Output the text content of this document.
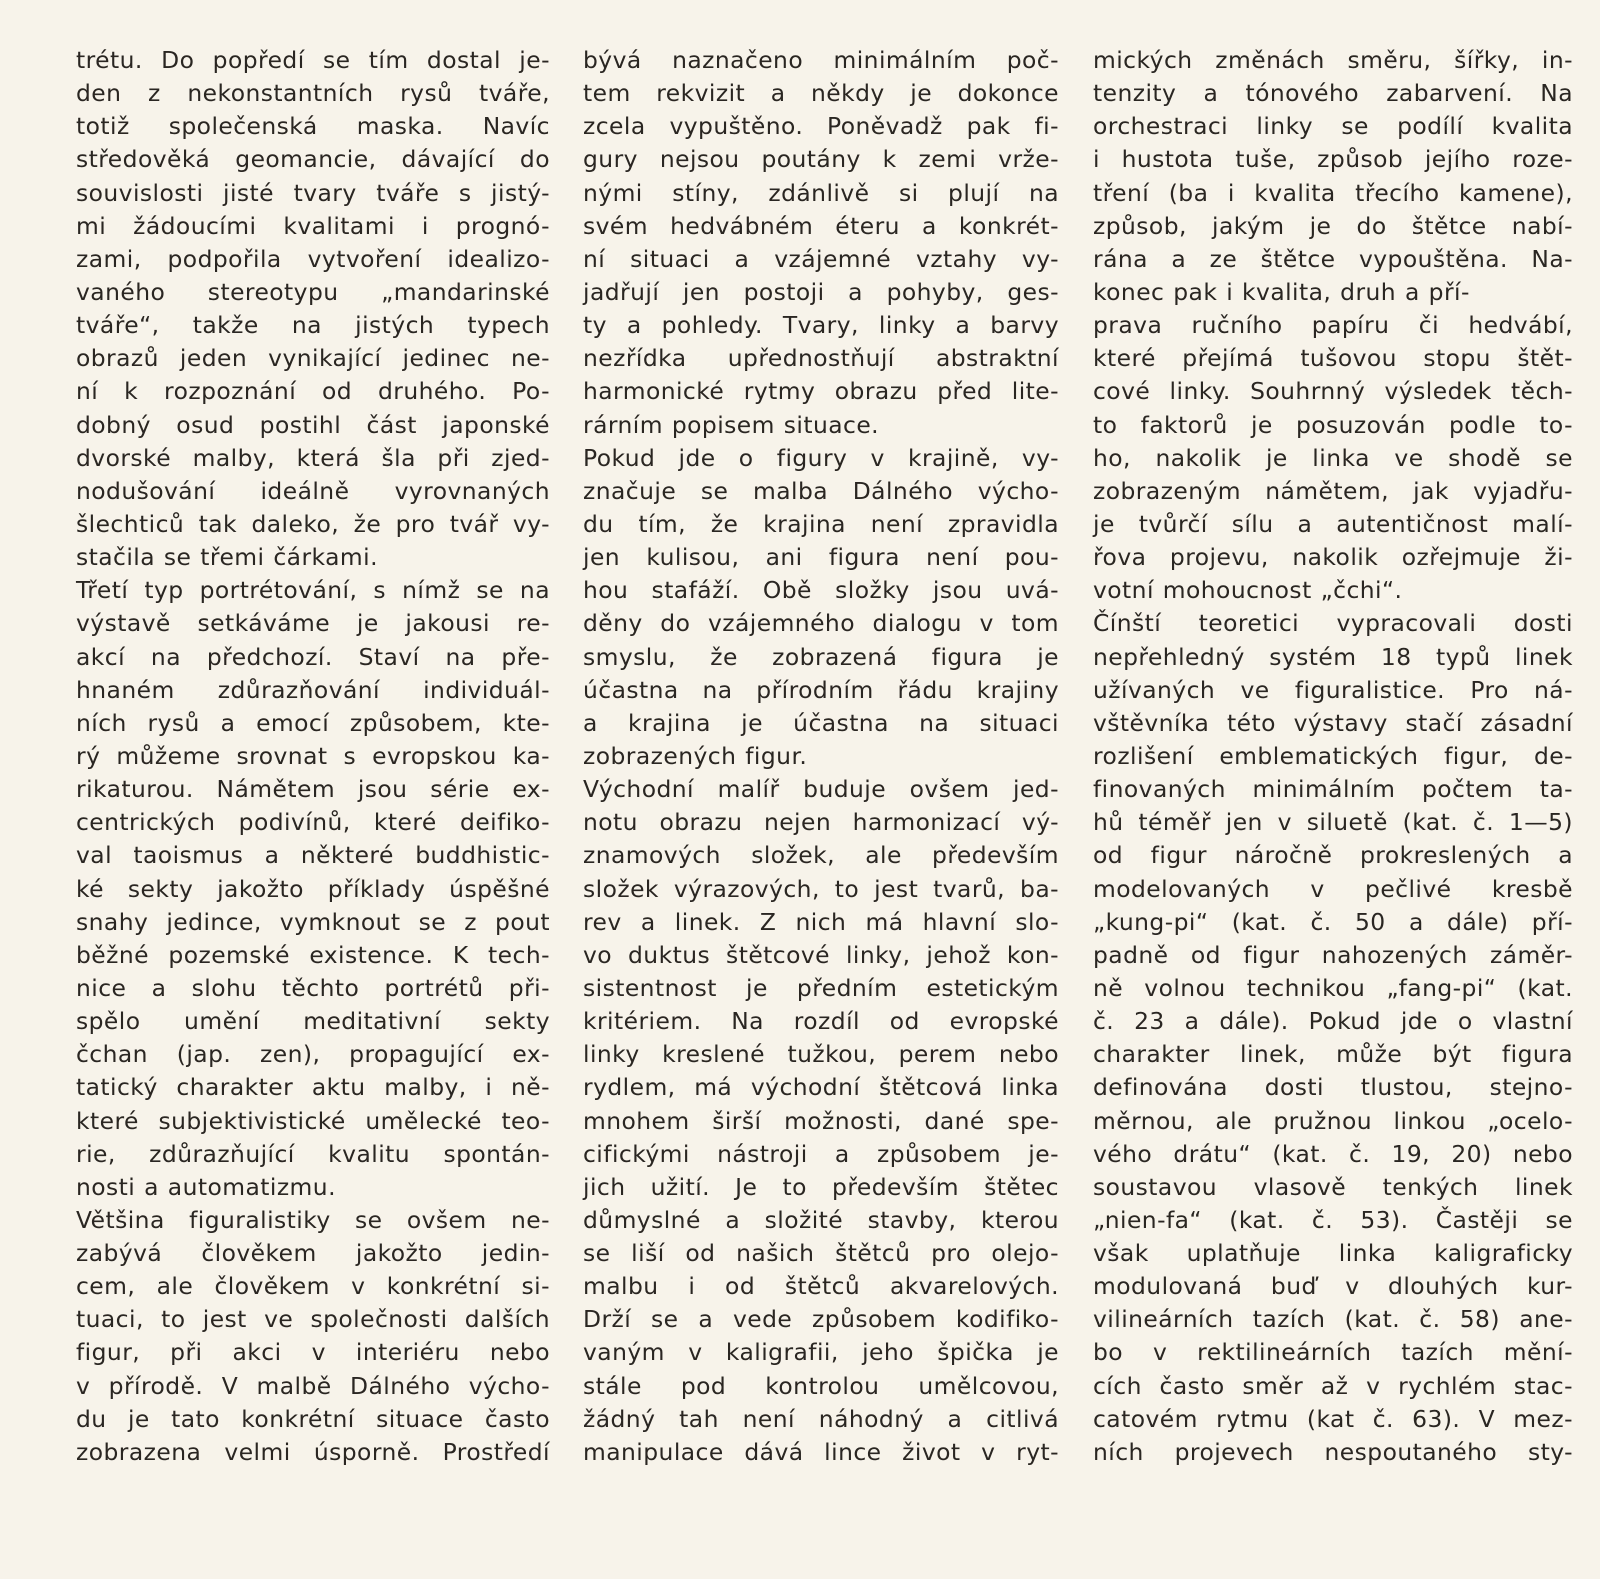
trétu. Do popředí se tím dostal je-
den z nekonstantních rysů tváře,
totiž společenská maska. Navíc
středověká geomancie, dávající do
souvislosti jisté tvary tváře s jistý-
mi žádoucími kvalitami i prognó-
zami, podpořila vytvoření idealizo-
vaného stereotypu „mandarinské
tváře“, takže na jistých typech
obrazů jeden vynikající jedinec ne-
ní k rozpoznání od druhého. Po-
dobný osud postihl část japonské
dvorské malby, která šla při zjed-
nodušování ideálně vyrovnaných
šlechticů tak daleko, že pro tvář vy-
stačila se třemi čárkami.
Třetí typ portrétování, s nímž se na
výstavě setkáváme je jakousi re-
akcí na předchozí. Staví na pře-
hnaném zdůrazňování individuál-
ních rysů a emocí způsobem, kte-
rý můžeme srovnat s evropskou ka-
rikaturou. Námětem jsou série ex-
centrických podivínů, které deifiko-
val taoismus a některé buddhistic-
ké sekty jakožto příklady úspěšné
snahy jedince, vymknout se z pout
běžné pozemské existence. K tech-
nice a slohu těchto portrétů při-
spělo umění meditativní sekty
čchan (jap. zen), propagující ex-
tatický charakter aktu malby, i ně-
které subjektivistické umělecké teo-
rie, zdůrazňující kvalitu spontán-
nosti a automatizmu.
Většina figuralistiky se ovšem ne-
zabývá člověkem jakožto jedin-
cem, ale člověkem v konkrétní si-
tuaci, to jest ve společnosti dalších
figur, při akci v interiéru nebo
v přírodě. V malbě Dálného výcho-
du je tato konkrétní situace často
zobrazena velmi úsporně. Prostředí
bývá naznačeno minimálním poč-
tem rekvizit a někdy je dokonce
zcela vypuštěno. Poněvadž pak fi-
gury nejsou poutány k zemi vrže-
nými stíny, zdánlivě si plují na
svém hedvábném éteru a konkrét-
ní situaci a vzájemné vztahy vy-
jadřují jen postoji a pohyby, ges-
ty a pohledy. Tvary, linky a barvy
nezřídka upřednostňují abstraktní
harmonické rytmy obrazu před lite-
rárním popisem situace.
Pokud jde o figury v krajině, vy-
značuje se malba Dálného výcho-
du tím, že krajina není zpravidla
jen kulisou, ani figura není pou-
hou stafáží. Obě složky jsou uvá-
děny do vzájemného dialogu v tom
smyslu, že zobrazená figura je
účastna na přírodním řádu krajiny
a krajina je účastna na situaci
zobrazených figur.
Východní malíř buduje ovšem jed-
notu obrazu nejen harmonizací vý-
znamových složek, ale především
složek výrazových, to jest tvarů, ba-
rev a linek. Z nich má hlavní slo-
vo duktus štětcové linky, jehož kon-
sistentnost je předním estetickým
kritériem. Na rozdíl od evropské
linky kreslené tužkou, perem nebo
rydlem, má východní štětcová linka
mnohem širší možnosti, dané spe-
cifickými nástroji a způsobem je-
jich užití. Je to především štětec
důmyslné a složité stavby, kterou
se liší od našich štětců pro olejo-
malbu i od štětců akvarelových.
Drží se a vede způsobem kodifiko-
vaným v kaligrafii, jeho špička je
stále pod kontrolou umělcovou,
žádný tah není náhodný a citlivá
manipulace dává lince život v ryt-
mických změnách směru, šířky, in-
tenzity a tónového zabarvení. Na
orchestraci linky se podílí kvalita
i hustota tuše, způsob jejího roze-
tření (ba i kvalita třecího kamene),
způsob, jakým je do štětce nabí-
rána a ze štětce vypouštěna. Na-
konec pak i kvalita, druh a pří-
prava ručního papíru či hedvábí,
které přejímá tušovou stopu štět-
cové linky. Souhrnný výsledek těch-
to faktorů je posuzován podle to-
ho, nakolik je linka ve shodě se
zobrazeným námětem, jak vyjadřu-
je tvůrčí sílu a autentičnost malí-
řova projevu, nakolik ozřejmuje ži-
votní mohoucnost „čchi“.
Čínští teoretici vypracovali dosti
nepřehledný systém 18 typů linek
užívaných ve figuralistice. Pro ná-
vštěvníka této výstavy stačí zásadní
rozlišení emblematických figur, de-
finovaných minimálním počtem ta-
hů téměř jen v siluetě (kat. č. 1—5)
od figur náročně prokreslených a
modelovaných v pečlivé kresbě
„kung-pi“ (kat. č. 50 a dále) pří-
padně od figur nahozených záměr-
ně volnou technikou „fang-pi“ (kat.
č. 23 a dále). Pokud jde o vlastní
charakter linek, může být figura
definována dosti tlustou, stejno-
měrnou, ale pružnou linkou „ocelo-
vého drátu“ (kat. č. 19, 20) nebo
soustavou vlasově tenkých linek
„nien-fa“ (kat. č. 53). Častěji se
však uplatňuje linka kaligraficky
modulovaná buď v dlouhých kur-
vilineárních tazích (kat. č. 58) ane-
bo v rektilineárních tazích mění-
cích často směr až v rychlém stac-
catovém rytmu (kat č. 63). V mez-
ních projevech nespoutaného sty-
